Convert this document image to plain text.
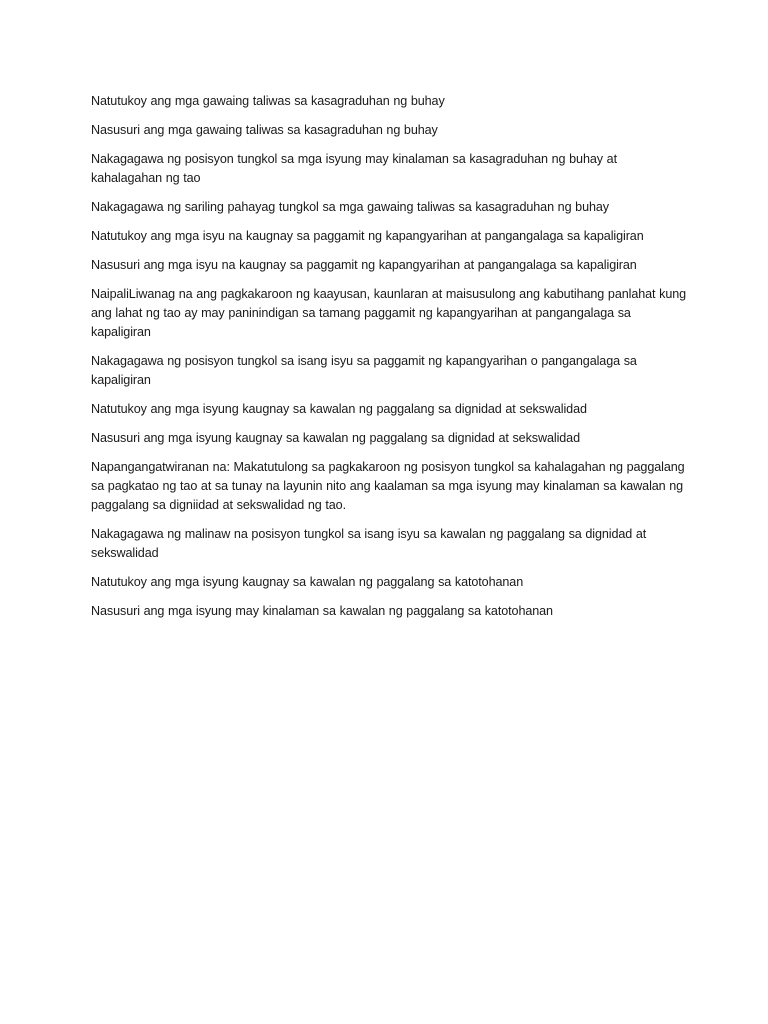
Natutukoy ang mga gawaing taliwas sa kasagraduhan ng buhay

Nasusuri ang mga gawaing taliwas sa kasagraduhan ng buhay

Nakagagawa ng posisyon tungkol sa mga isyung may kinalaman sa kasagraduhan ng buhay at kahalagahan ng tao

Nakagagawa ng sariling pahayag tungkol sa mga gawaing taliwas sa kasagraduhan ng buhay

Natutukoy ang mga isyu na kaugnay sa paggamit ng kapangyarihan at pangangalaga sa kapaligiran

Nasusuri ang mga isyu na kaugnay sa paggamit ng kapangyarihan at pangangalaga sa kapaligiran

NaipaliLiwanag na ang pagkakaroon ng kaayusan, kaunlaran at maisusulong ang kabutihang panlahat kung ang lahat ng tao ay may paninindigan sa tamang paggamit ng kapangyarihan at pangangalaga sa kapaligiran

Nakagagawa ng posisyon tungkol sa isang isyu sa paggamit ng kapangyarihan o pangangalaga sa kapaligiran

Natutukoy ang mga isyung kaugnay sa kawalan ng paggalang sa dignidad at sekswalidad

Nasusuri ang mga isyung kaugnay sa kawalan ng paggalang sa dignidad at sekswalidad

Napangangatwiranan na: Makatutulong sa pagkakaroon ng posisyon tungkol sa kahalagahan ng paggalang sa pagkatao ng tao at sa tunay na layunin nito ang kaalaman sa mga isyung may kinalaman sa kawalan ng paggalang sa digniidad at sekswalidad ng tao.

Nakagagawa ng malinaw na posisyon tungkol sa isang isyu sa kawalan ng paggalang sa dignidad at sekswalidad

Natutukoy ang mga isyung kaugnay sa kawalan ng paggalang sa katotohanan

Nasusuri ang mga isyung may kinalaman sa kawalan ng paggalang sa katotohanan
